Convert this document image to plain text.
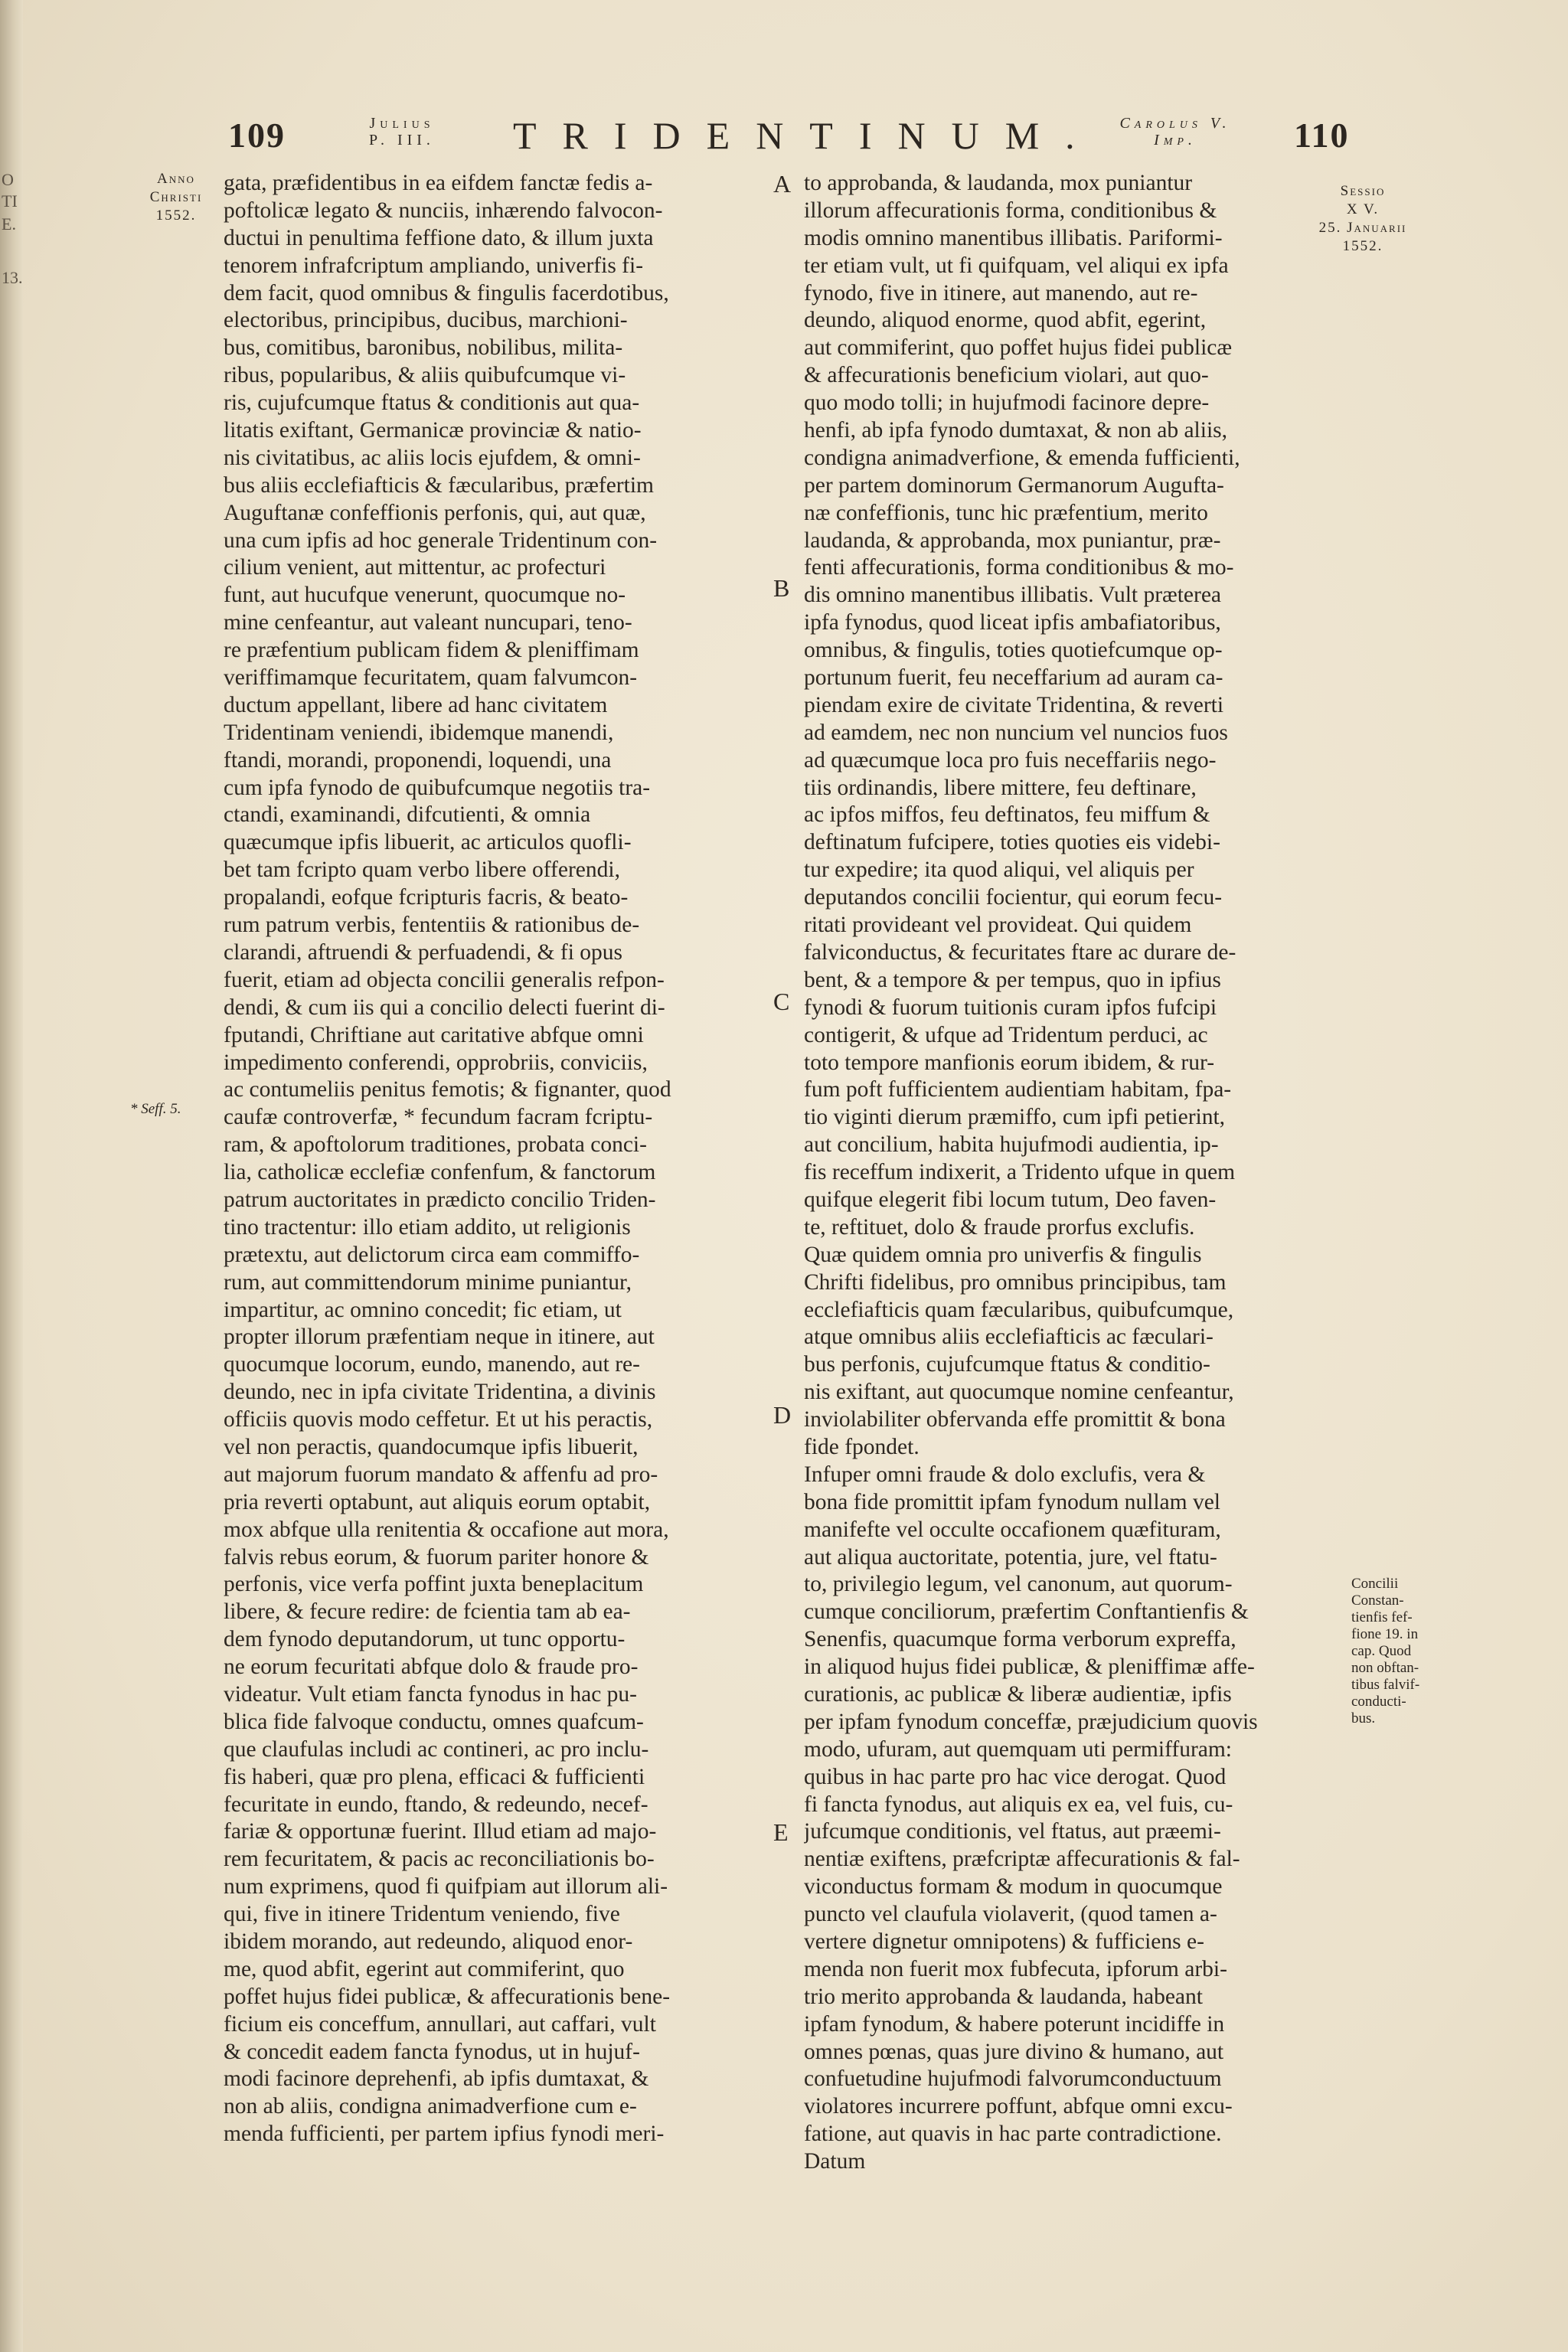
O
TI
E.
13.
109	Julius
P. III.	TRIDENTINUM.	Carolus V.
Imp.	110
Anno
Christi
1552.
* Seff. 5.
Sessio
X V.
25. Januarii
1552.
Concilii
Constan-
tienfis fef-
fione 19. in
cap. Quod
non obftan-
tibus falvif-
conducti-
bus.
gata, præfidentibus in ea eifdem fanctæ fedis a-
poftolicæ legato & nunciis, inhærendo falvocon-
ductui in penultima feffione dato, & illum juxta
tenorem infrafcriptum ampliando, univerfis fi-
dem facit, quod omnibus & fingulis facerdotibus,
electoribus, principibus, ducibus, marchioni-
bus, comitibus, baronibus, nobilibus, milita-
ribus, popularibus, & aliis quibufcumque vi-
ris, cujufcumque ftatus & conditionis aut qua-
litatis exiftant, Germanicæ provinciæ & natio-
nis civitatibus, ac aliis locis ejufdem, & omni-
bus aliis ecclefiafticis & fæcularibus, præfertim
Auguftanæ confeffionis perfonis, qui, aut quæ,
una cum ipfis ad hoc generale Tridentinum con-
cilium venient, aut mittentur, ac profecturi
funt, aut hucufque venerunt, quocumque no-
mine cenfeantur, aut valeant nuncupari, teno-
re præfentium publicam fidem & pleniffimam
veriffimamque fecuritatem, quam falvumcon-
ductum appellant, libere ad hanc civitatem
Tridentinam veniendi, ibidemque manendi,
ftandi, morandi, proponendi, loquendi, una
cum ipfa fynodo de quibufcumque negotiis tra-
ctandi, examinandi, difcutienti, & omnia
quæcumque ipfis libuerit, ac articulos quofli-
bet tam fcripto quam verbo libere offerendi,
propalandi, eofque fcripturis facris, & beato-
rum patrum verbis, fententiis & rationibus de-
clarandi, aftruendi & perfuadendi, & fi opus
fuerit, etiam ad objecta concilii generalis refpon-
dendi, & cum iis qui a concilio delecti fuerint di-
fputandi, Chriftiane aut caritative abfque omni
impedimento conferendi, opprobriis, conviciis,
ac contumeliis penitus femotis; & fignanter, quod
caufæ controverfæ, * fecundum facram fcriptu-
ram, & apoftolorum traditiones, probata conci-
lia, catholicæ ecclefiæ confenfum, & fanctorum
patrum auctoritates in prædicto concilio Triden-
tino tractentur: illo etiam addito, ut religionis
prætextu, aut delictorum circa eam commiffo-
rum, aut committendorum minime puniantur,
impartitur, ac omnino concedit; fic etiam, ut
propter illorum præfentiam neque in itinere, aut
quocumque locorum, eundo, manendo, aut re-
deundo, nec in ipfa civitate Tridentina, a divinis
officiis quovis modo ceffetur. Et ut his peractis,
vel non peractis, quandocumque ipfis libuerit,
aut majorum fuorum mandato & affenfu ad pro-
pria reverti optabunt, aut aliquis eorum optabit,
mox abfque ulla renitentia & occafione aut mora,
falvis rebus eorum, & fuorum pariter honore &
perfonis, vice verfa poffint juxta beneplacitum
libere, & fecure redire: de fcientia tam ab ea-
dem fynodo deputandorum, ut tunc opportu-
ne eorum fecuritati abfque dolo & fraude pro-
videatur. Vult etiam fancta fynodus in hac pu-
blica fide falvoque conductu, omnes quafcum-
que claufulas includi ac contineri, ac pro inclu-
fis haberi, quæ pro plena, efficaci & fufficienti
fecuritate in eundo, ftando, & redeundo, necef-
fariæ & opportunæ fuerint. Illud etiam ad majo-
rem fecuritatem, & pacis ac reconciliationis bo-
num exprimens, quod fi quifpiam aut illorum ali-
qui, five in itinere Tridentum veniendo, five
ibidem morando, aut redeundo, aliquod enor-
me, quod abfit, egerint aut commiferint, quo
poffet hujus fidei publicæ, & affecurationis bene-
ficium eis conceffum, annullari, aut caffari, vult
& concedit eadem fancta fynodus, ut in hujuf-
modi facinore deprehenfi, ab ipfis dumtaxat, &
non ab aliis, condigna animadverfione cum e-
menda fufficienti, per partem ipfius fynodi meri-
to approbanda, & laudanda, mox puniantur
illorum affecurationis forma, conditionibus &
modis omnino manentibus illibatis. Pariformi-
ter etiam vult, ut fi quifquam, vel aliqui ex ipfa
fynodo, five in itinere, aut manendo, aut re-
deundo, aliquod enorme, quod abfit, egerint,
aut commiferint, quo poffet hujus fidei publicæ
& affecurationis beneficium violari, aut quo-
quo modo tolli; in hujufmodi facinore depre-
henfi, ab ipfa fynodo dumtaxat, & non ab aliis,
condigna animadverfione, & emenda fufficienti,
per partem dominorum Germanorum Augufta-
næ confeffionis, tunc hic præfentium, merito
laudanda, & approbanda, mox puniantur, præ-
fenti affecurationis, forma conditionibus & mo-
dis omnino manentibus illibatis. Vult præterea
ipfa fynodus, quod liceat ipfis ambafiatoribus,
omnibus, & fingulis, toties quotiefcumque op-
portunum fuerit, feu neceffarium ad auram ca-
piendam exire de civitate Tridentina, & reverti
ad eamdem, nec non nuncium vel nuncios fuos
ad quæcumque loca pro fuis neceffariis nego-
tiis ordinandis, libere mittere, feu deftinare,
ac ipfos miffos, feu deftinatos, feu miffum &
deftinatum fufcipere, toties quoties eis videbi-
tur expedire; ita quod aliqui, vel aliquis per
deputandos concilii focientur, qui eorum fecu-
ritati provideant vel provideat. Qui quidem
falviconductus, & fecuritates ftare ac durare de-
bent, & a tempore & per tempus, quo in ipfius
fynodi & fuorum tuitionis curam ipfos fufcipi
contigerit, & ufque ad Tridentum perduci, ac
toto tempore manfionis eorum ibidem, & rur-
fum poft fufficientem audientiam habitam, fpa-
tio viginti dierum præmiffo, cum ipfi petierint,
aut concilium, habita hujufmodi audientia, ip-
fis receffum indixerit, a Tridento ufque in quem
quifque elegerit fibi locum tutum, Deo faven-
te, reftituet, dolo & fraude prorfus exclufis.
Quæ quidem omnia pro univerfis & fingulis
Chrifti fidelibus, pro omnibus principibus, tam
ecclefiafticis quam fæcularibus, quibufcumque,
atque omnibus aliis ecclefiafticis ac fæculari-
bus perfonis, cujufcumque ftatus & conditio-
nis exiftant, aut quocumque nomine cenfeantur,
inviolabiliter obfervanda effe promittit & bona
fide fpondet.
Infuper omni fraude & dolo exclufis, vera &
bona fide promittit ipfam fynodum nullam vel
manifefte vel occulte occafionem quæfituram,
aut aliqua auctoritate, potentia, jure, vel ftatu-
to, privilegio legum, vel canonum, aut quorum-
cumque conciliorum, præfertim Conftantienfis &
Senenfis, quacumque forma verborum expreffa,
in aliquod hujus fidei publicæ, & pleniffimæ affe-
curationis, ac publicæ & liberæ audientiæ, ipfis
per ipfam fynodum conceffæ, præjudicium quovis
modo, ufuram, aut quemquam uti permiffuram:
quibus in hac parte pro hac vice derogat. Quod
fi fancta fynodus, aut aliquis ex ea, vel fuis, cu-
jufcumque conditionis, vel ftatus, aut præemi-
nentiæ exiftens, præfcriptæ affecurationis & fal-
viconductus formam & modum in quocumque
puncto vel claufula violaverit, (quod tamen a-
vertere dignetur omnipotens) & fufficiens e-
menda non fuerit mox fubfecuta, ipforum arbi-
trio merito approbanda & laudanda, habeant
ipfam fynodum, & habere poterunt incidiffe in
omnes pœnas, quas jure divino & humano, aut
confuetudine hujufmodi falvorumconductuum
violatores incurrere poffunt, abfque omni excu-
fatione, aut quavis in hac parte contradictione.
Datum
A
B
C
D
E
